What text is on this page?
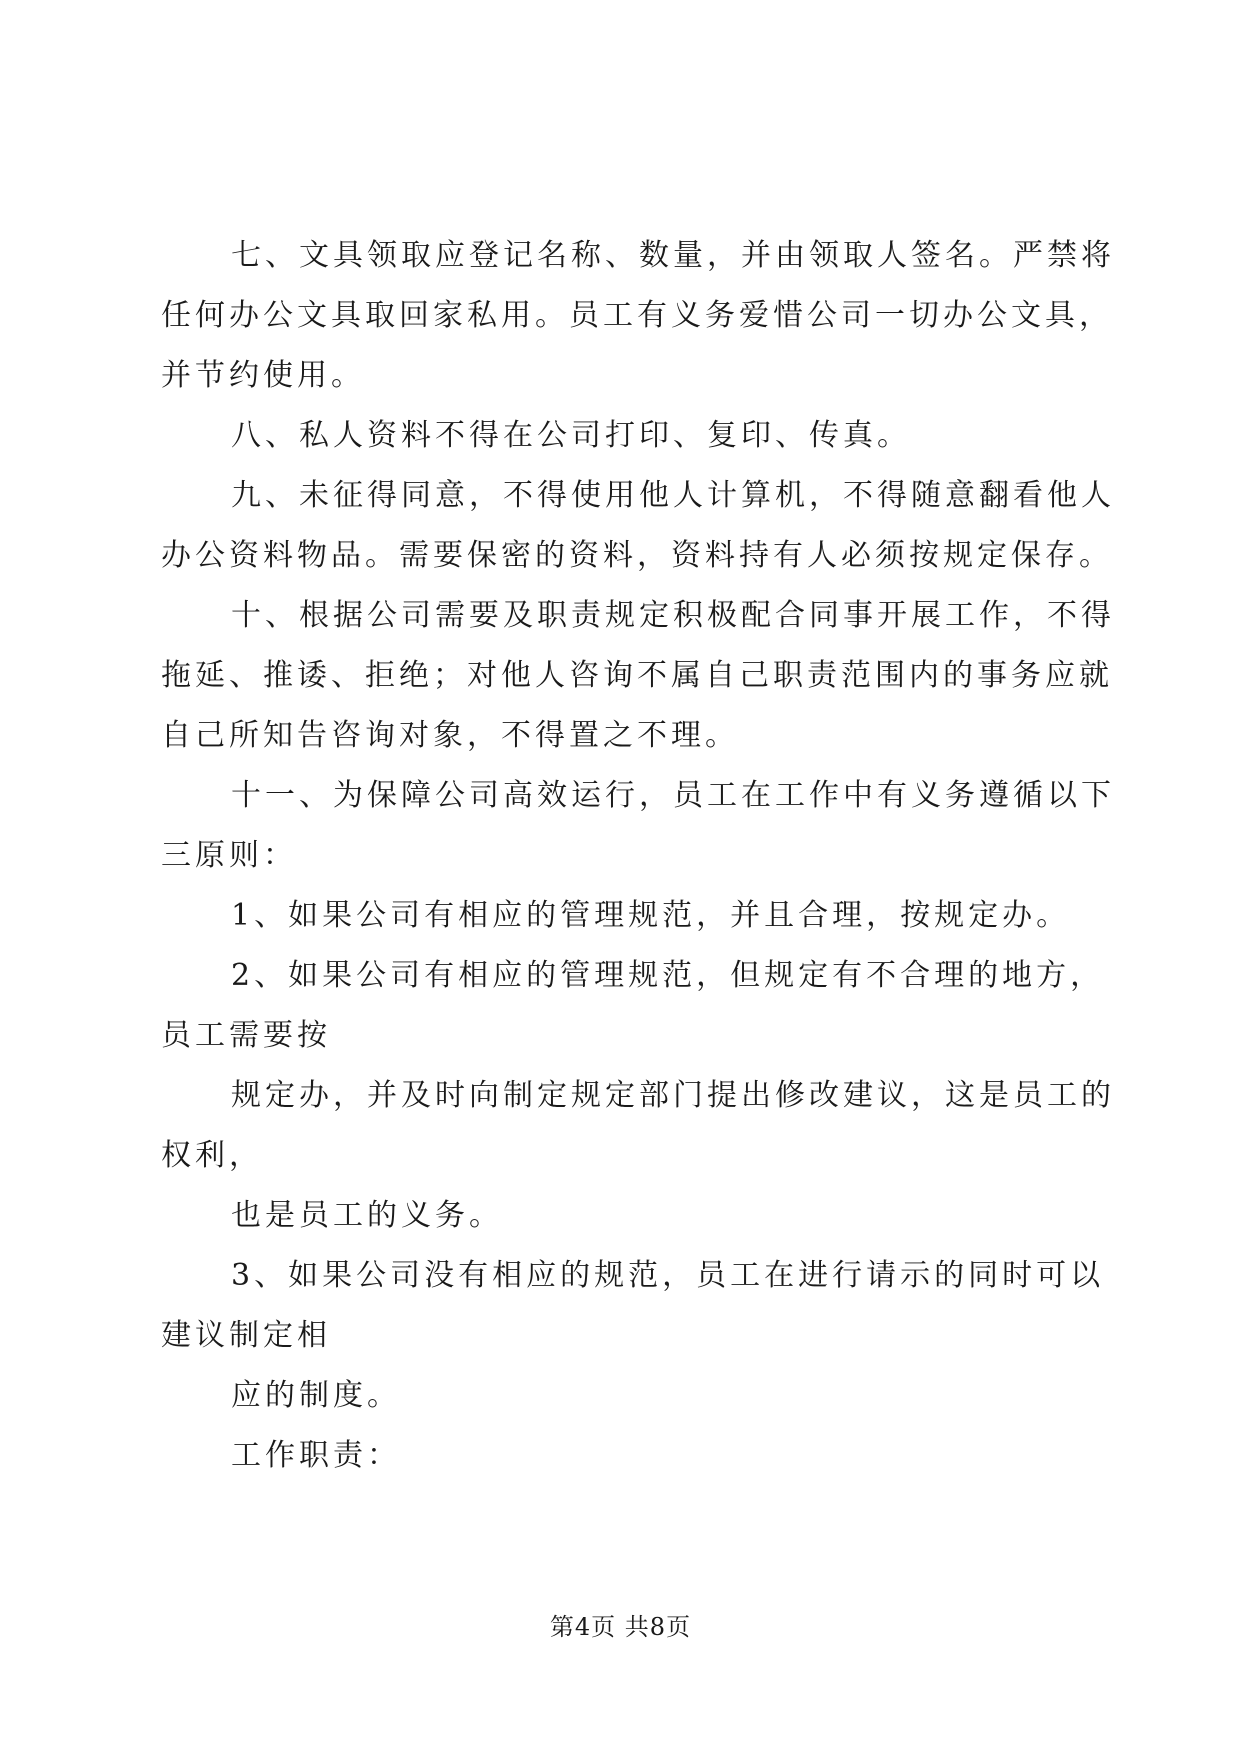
七、文具领取应登记名称、数量，并由领取人签名。严禁将
任何办公文具取回家私用。员工有义务爱惜公司一切办公文具，
并节约使用。
八、私人资料不得在公司打印、复印、传真。
九、未征得同意，不得使用他人计算机，不得随意翻看他人
办公资料物品。需要保密的资料，资料持有人必须按规定保存。
十、根据公司需要及职责规定积极配合同事开展工作，不得
拖延、推诿、拒绝；对他人咨询不属自己职责范围内的事务应就
自己所知告咨询对象，不得置之不理。
十一、为保障公司高效运行，员工在工作中有义务遵循以下
三原则：
1、如果公司有相应的管理规范，并且合理，按规定办。
2、如果公司有相应的管理规范，但规定有不合理的地方，
员工需要按
规定办，并及时向制定规定部门提出修改建议，这是员工的
权利，
也是员工的义务。
3、如果公司没有相应的规范，员工在进行请示的同时可以
建议制定相
应的制度。
工作职责：
第4页 共8页
